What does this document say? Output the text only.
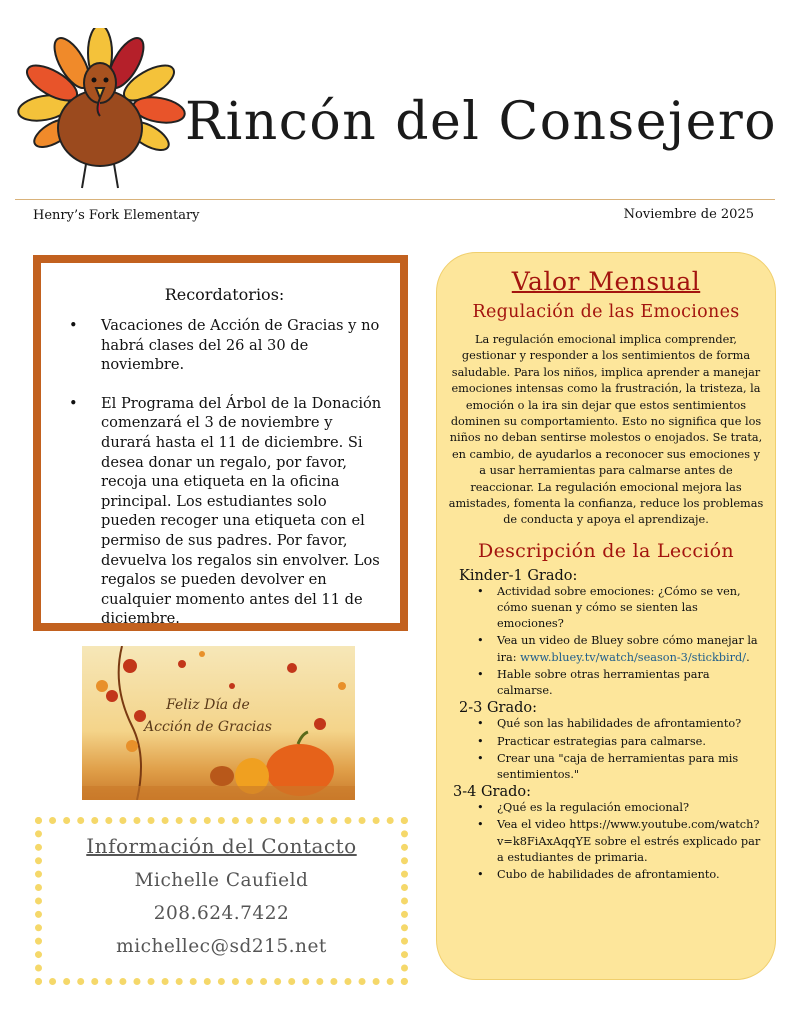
Rincón del Consejero
Henry’s Fork Elementary	Noviembre de 2025
Recordatorios:
• Vacaciones de Acción de Gracias y no habrá clases del 26 al 30 de noviembre.
• El Programa del Árbol de la Donación comenzará el 3 de noviembre y durará hasta el 11 de diciembre. Si desea donar un regalo, por favor, recoja una etiqueta en la oficina principal. Los estudiantes solo pueden recoger una etiqueta con el permiso de sus padres. Por favor, devuelva los regalos sin envolver. Los regalos se pueden devolver en cualquier momento antes del 11 de diciembre.
Feliz Día de
Acción de Gracias
Información del Contacto

Michelle Caufield

208.624.7422

michellec@sd215.net

Valor Mensual
Regulación de las Emociones
La regulación emocional implica comprender, gestionar y responder a los sentimientos de forma saludable. Para los niños, implica aprender a manejar emociones intensas como la frustración, la tristeza, la emoción o la ira sin dejar que estos sentimientos dominen su comportamiento. Esto no significa que los niños no deban sentirse molestos o enojados. Se trata, en cambio, de ayudarlos a reconocer sus emociones y a usar herramientas para calmarse antes de reaccionar. La regulación emocional mejora las amistades, fomenta la confianza, reduce los problemas de conducta y apoya el aprendizaje.
Descripción de la Lección
Kinder-1 Grado:
• Actividad sobre emociones: ¿Cómo se ven, cómo suenan y cómo se sienten las emociones?
• Vea un video de Bluey sobre cómo manejar la ira: www.bluey.tv/watch/season-3/stickbird/.
• Hable sobre otras herramientas para calmarse.
2-3 Grado:
• Qué son las habilidades de afrontamiento?
• Practicar estrategias para calmarse.
• Crear una "caja de herramientas para mis sentimientos."
3-4 Grado:
• ¿Qué es la regulación emocional?
• Vea el video https://www.youtube.com/watch?v=k8FiAxAqqYE sobre el estrés explicado para estudiantes de primaria.
• Cubo de habilidades de afrontamiento.
